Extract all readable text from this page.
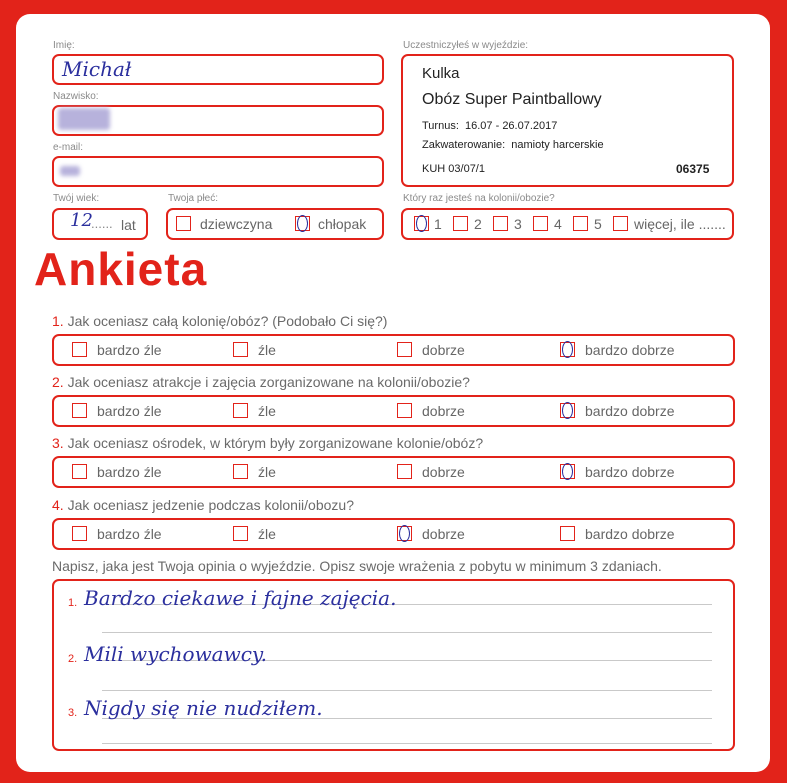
Imię:
Michał
Nazwisko:
e-mail:
Twój wiek:
12
...... lat
Twoja płeć:
dziewczyna	chłopak
Uczestniczyłeś w wyjeździe:
Kulka
Obóz Super Paintballowy
Turnus: 16.07 - 26.07.2017
Zakwaterowanie: namioty harcerskie
KUH 03/07/1	06375
Który raz jesteś na kolonii/obozie?
1 2 3 4 5 więcej, ile .......
Ankieta
1. Jak oceniasz całą kolonię/obóz? (Podobało Ci się?)
bardzo źle	źle	dobrze	bardzo dobrze
2. Jak oceniasz atrakcje i zajęcia zorganizowane na kolonii/obozie?
bardzo źle	źle	dobrze	bardzo dobrze
3. Jak oceniasz ośrodek, w którym były zorganizowane kolonie/obóz?
bardzo źle	źle	dobrze	bardzo dobrze
4. Jak oceniasz jedzenie podczas kolonii/obozu?
bardzo źle	źle	dobrze	bardzo dobrze
Napisz, jaka jest Twoja opinia o wyjeździe. Opisz swoje wrażenia z pobytu w minimum 3 zdaniach.
1. Bardzo ciekawe i fajne zajęcia.
2. Mili wychowawcy.
3. Nigdy się nie nudziłem.
